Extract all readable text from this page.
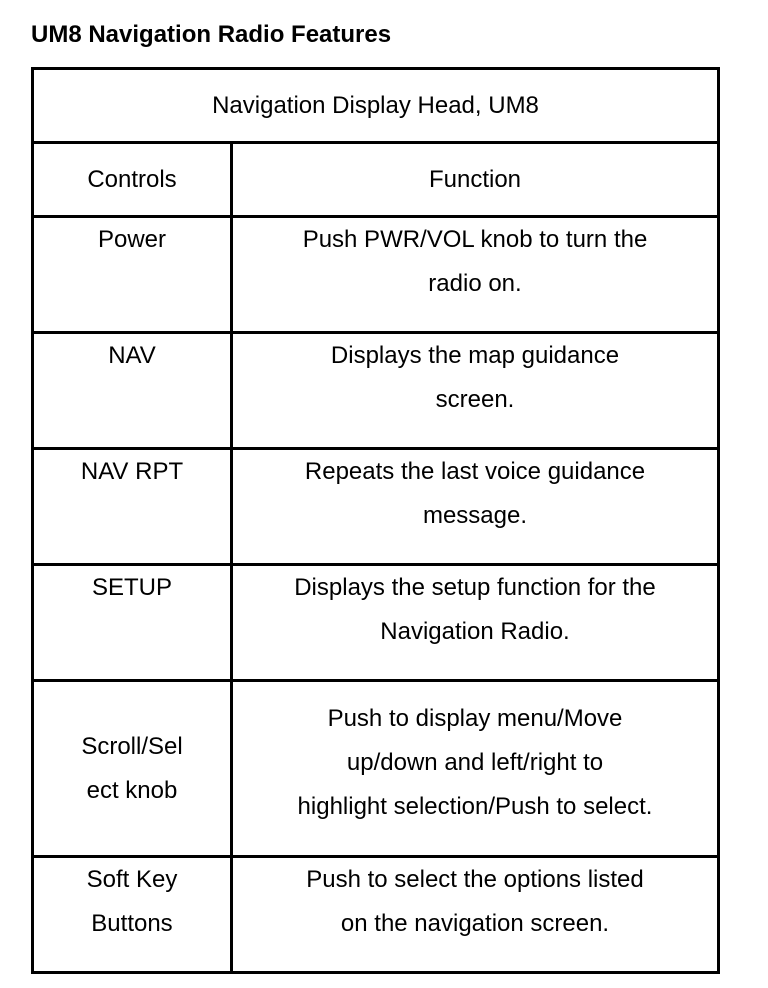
UM8 Navigation Radio Features
Navigation Display Head, UM8	
Controls	Function
Power	Push PWR/VOL knob to turn the
radio on.
NAV	Displays the map guidance
screen.
NAV RPT	Repeats the last voice guidance
message.
SETUP	Displays the setup function for the
Navigation Radio.
Scroll/Sel
ect knob	Push to display menu/Move
up/down and left/right to
highlight selection/Push to select.
Soft Key
Buttons	Push to select the options listed
on the navigation screen.
